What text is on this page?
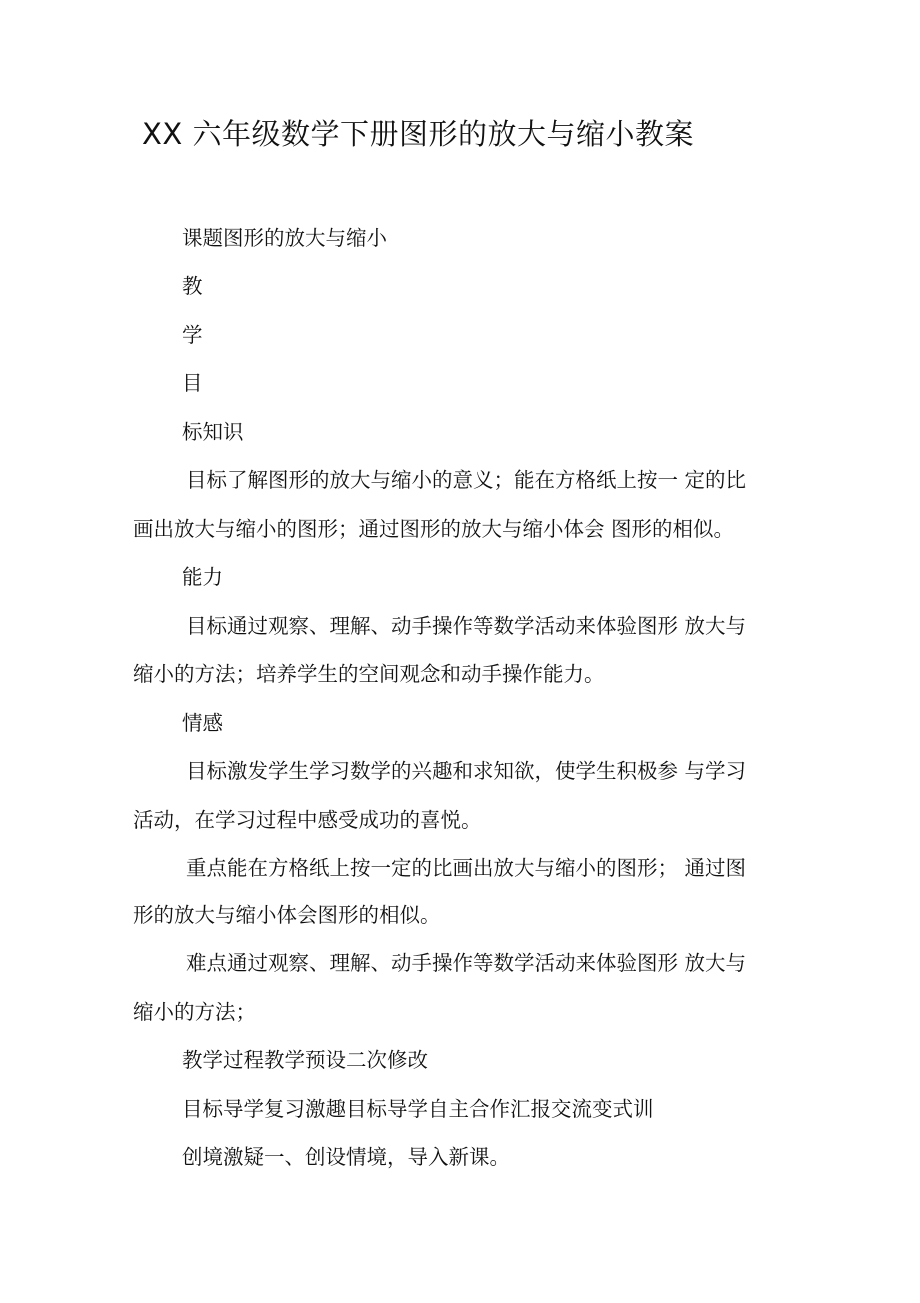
XX 六年级数学下册图形的放大与缩小教案
课题图形的放大与缩小
教
学
目
标知识
目标了解图形的放大与缩小的意义；能在方格纸上按一 定的比
画出放大与缩小的图形；通过图形的放大与缩小体会 图形的相似。
能力
目标通过观察、理解、动手操作等数学活动来体验图形 放大与
缩小的方法；培养学生的空间观念和动手操作能力。
情感
目标激发学生学习数学的兴趣和求知欲，使学生积极参 与学习
活动，在学习过程中感受成功的喜悦。
重点能在方格纸上按一定的比画出放大与缩小的图形； 通过图
形的放大与缩小体会图形的相似。
难点通过观察、理解、动手操作等数学活动来体验图形 放大与
缩小的方法；
教学过程教学预设二次修改
目标导学复习激趣目标导学自主合作汇报交流变式训
创境激疑一、创设情境，导入新课。
